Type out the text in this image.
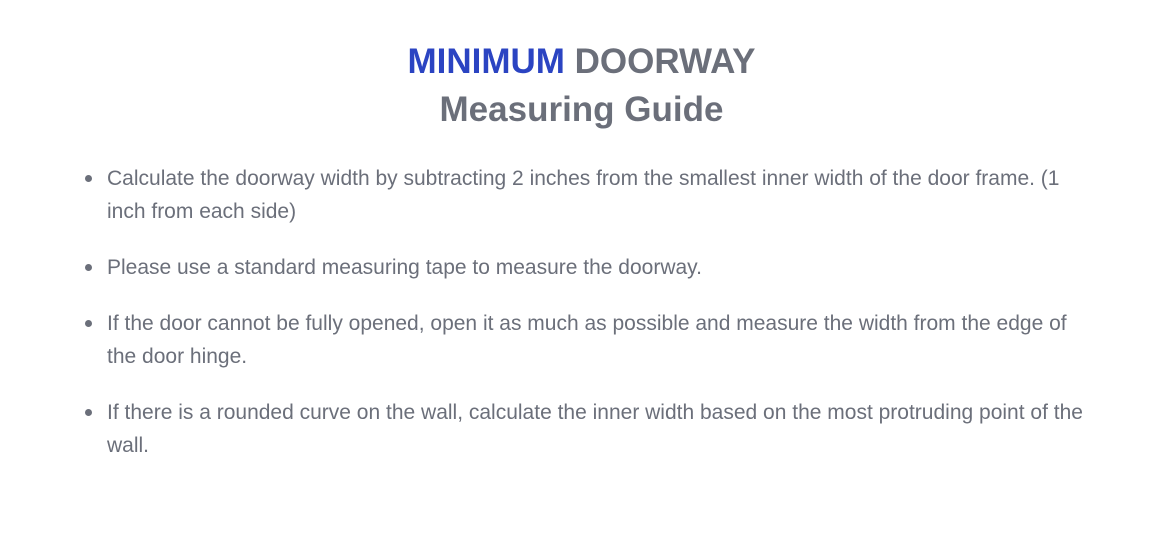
MINIMUM DOORWAY
Measuring Guide
Calculate the doorway width by subtracting 2 inches from the smallest inner width of the door frame. (1 inch from each side)
Please use a standard measuring tape to measure the doorway.
If the door cannot be fully opened, open it as much as possible and measure the width from the edge of the door hinge.
If there is a rounded curve on the wall, calculate the inner width based on the most protruding point of the wall.
